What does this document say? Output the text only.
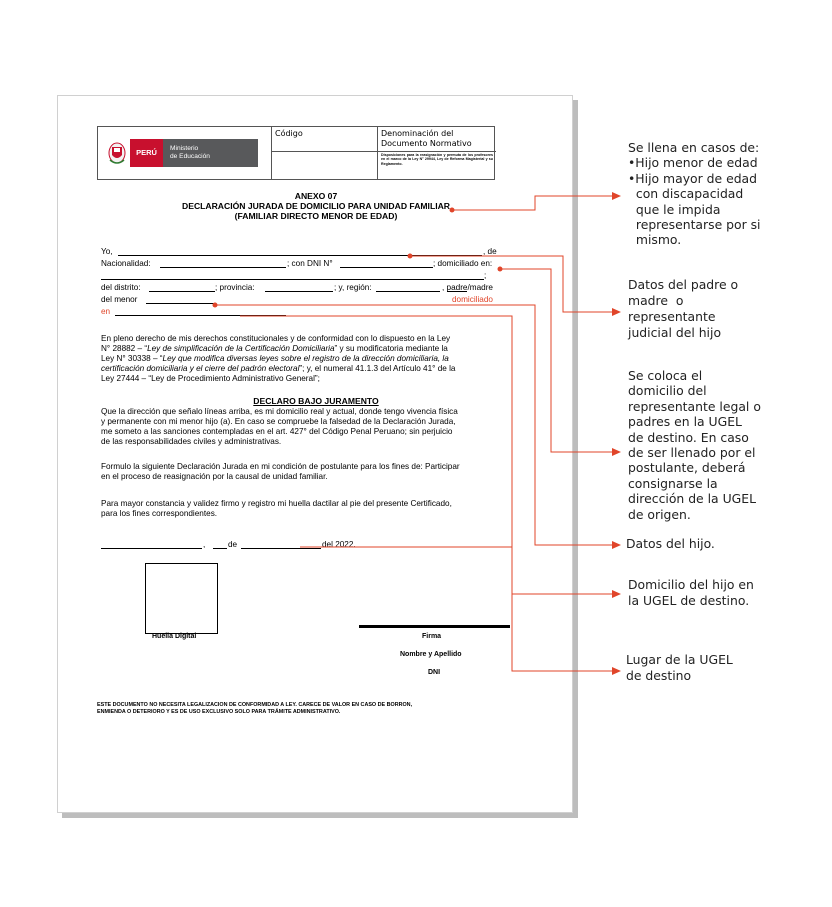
PERÚ	Ministerio
de Educación
Código	Denominación del
Documento Normativo
Disposiciones para la reasignación y permuta de los profesores en el marco de la Ley N° 29944, Ley de Reforma Magisterial y su Reglamento.
ANEXO 07
DECLARACIÓN JURADA DE DOMICILIO PARA UNIDAD FAMILIAR
(FAMILIAR DIRECTO MENOR DE EDAD)
Yo,	, de
Nacionalidad:	; con DNI N°	; domiciliado en:
;
del distrito:	; provincia:	; y, región:	, padre/madre
del menor	domiciliado
en
En pleno derecho de mis derechos constitucionales y de conformidad con lo dispuesto en la Ley
N° 28882 – “Ley de simplificación de la Certificación Domiciliaria” y su modificatoria mediante la
Ley N° 30338 – “Ley que modifica diversas leyes sobre el registro de la dirección domiciliaria, la
certificación domiciliaria y el cierre del padrón electoral”; y, el numeral 41.1.3 del Artículo 41° de la
Ley 27444 – “Ley de Procedimiento Administrativo General”;
DECLARO BAJO JURAMENTO
Que la dirección que señalo líneas arriba, es mi domicilio real y actual, donde tengo vivencia física
y permanente con mi menor hijo (a). En caso se compruebe la falsedad de la Declaración Jurada,
me someto a las sanciones contempladas en el art. 427° del Código Penal Peruano; sin perjuicio
de las responsabilidades civiles y administrativas.
Formulo la siguiente Declaración Jurada en mi condición de postulante para los fines de: Participar
en el proceso de reasignación por la causal de unidad familiar.
Para mayor constancia y validez firmo y registro mi huella dactilar al pie del presente Certificado,
para los fines correspondientes.
,	de	del 2022.
Huella Digital	Firma
Nombre y Apellido
DNI
ESTE DOCUMENTO NO NECESITA LEGALIZACION DE CONFORMIDAD A LEY. CARECE DE VALOR EN CASO DE BORRON,
ENMIENDA O DETERIORO Y ES DE USO EXCLUSIVO SOLO PARA TRÁMITE ADMINISTRATIVO.
Se llena en casos de:
•Hijo menor de edad
•Hijo mayor de edad
con discapacidad
que le impida
representarse por si
mismo.
Datos del padre o
madre  o
representante
judicial del hijo
Se coloca el
domicilio del
representante legal o
padres en la UGEL
de destino. En caso
de ser llenado por el
postulante, deberá
consignarse la
dirección de la UGEL
de origen.
Datos del hijo.
Domicilio del hijo en
la UGEL de destino.
Lugar de la UGEL
de destino
